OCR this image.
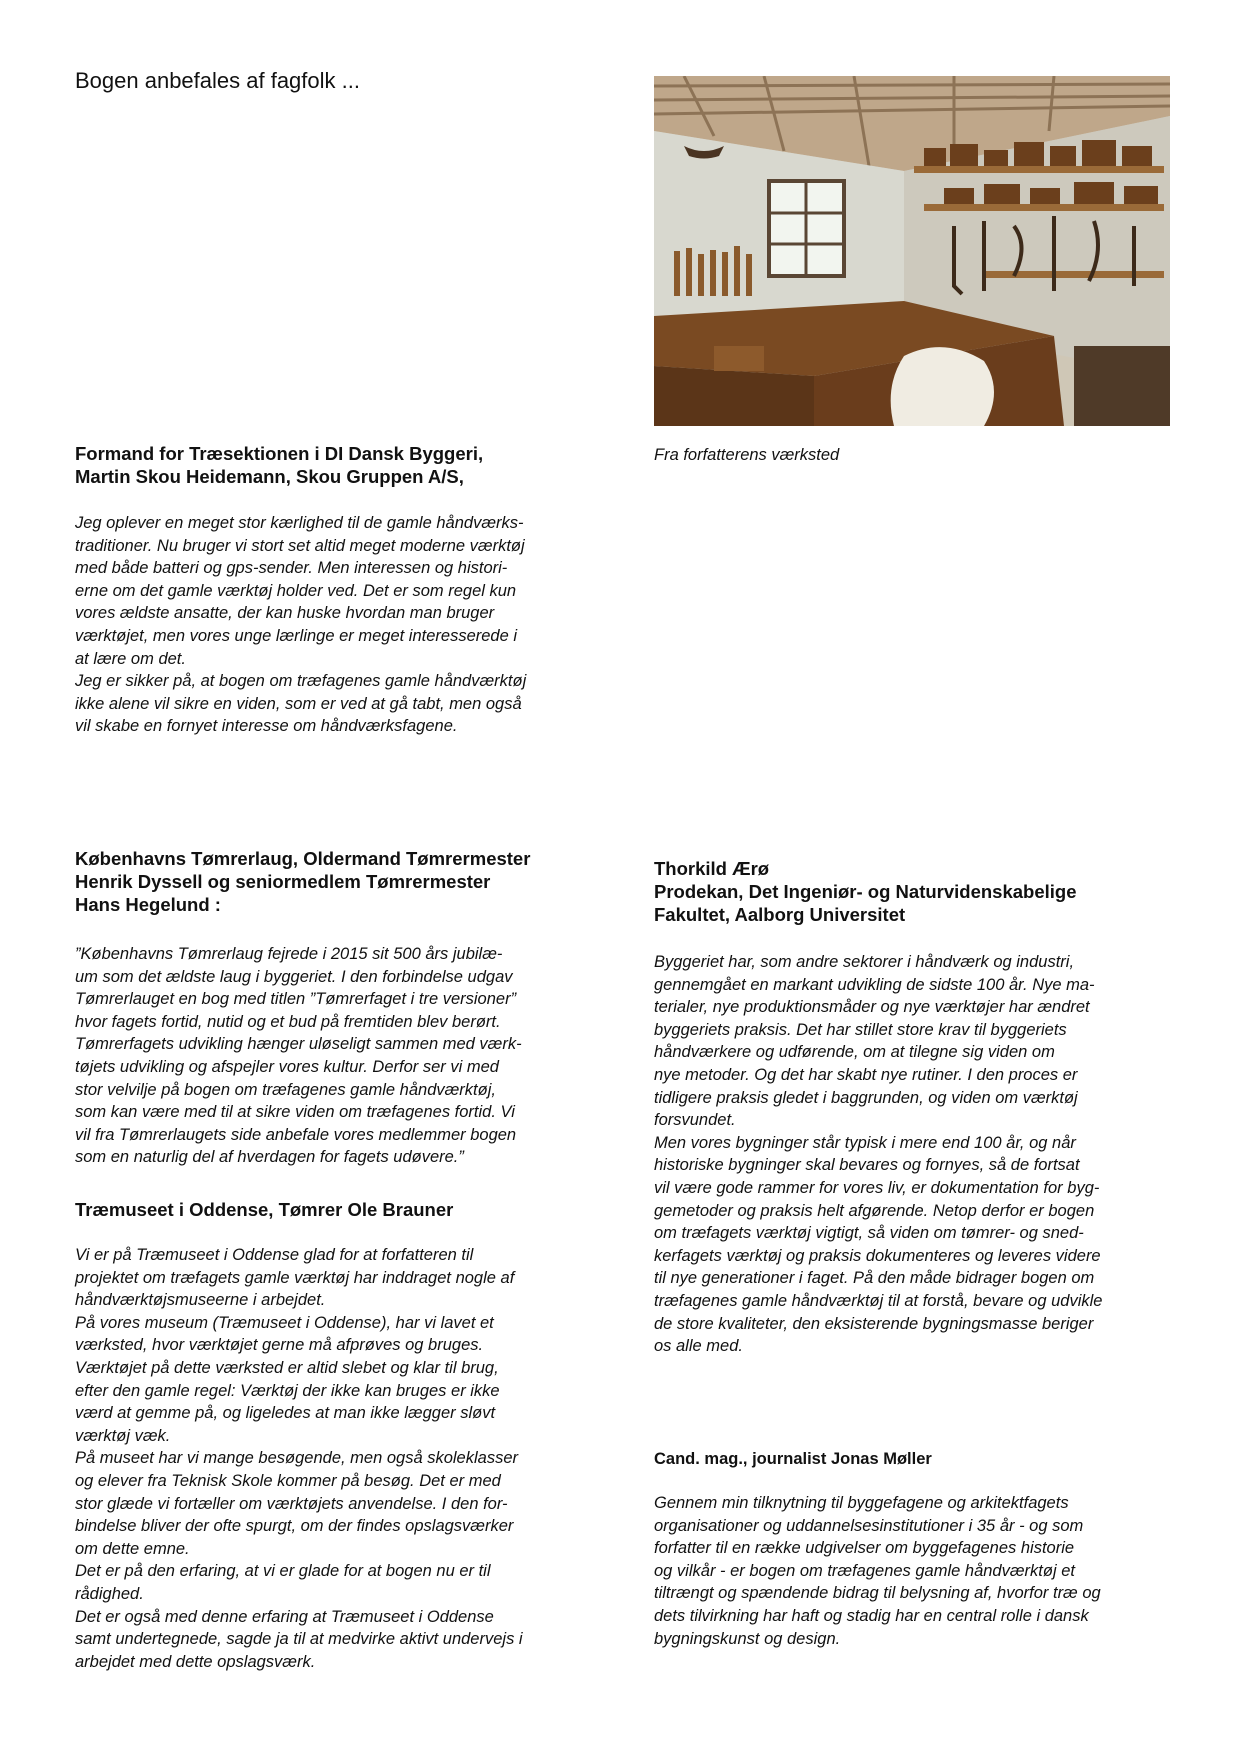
Bogen anbefales af fagfolk ...
Fra forfatterens værksted
Formand for Træsektionen i DI Dansk Byggeri,
Martin Skou Heidemann, Skou Gruppen A/S,
Jeg oplever en meget stor kærlighed til de gamle håndværks-
traditioner. Nu bruger vi stort set altid meget moderne værktøj
med både batteri og gps-sender. Men interessen og histori-
erne om det gamle værktøj holder ved. Det er som regel kun
vores ældste ansatte, der kan huske hvordan man bruger
værktøjet, men vores unge lærlinge er meget interesserede i
at lære om det.
Jeg er sikker på, at bogen om træfagenes gamle håndværktøj
ikke alene vil sikre en viden, som er ved at gå tabt, men også
vil skabe en fornyet interesse om håndværksfagene.
Københavns Tømrerlaug, Oldermand Tømrermester
Henrik Dyssell og seniormedlem Tømrermester
Hans Hegelund :
”Københavns Tømrerlaug fejrede i 2015 sit 500 års jubilæ-
um som det ældste laug i byggeriet. I den forbindelse udgav
Tømrerlauget en bog med titlen ”Tømrerfaget i tre versioner”
hvor fagets fortid, nutid og et bud på fremtiden blev berørt.
Tømrerfagets udvikling hænger uløseligt sammen med værk-
tøjets udvikling og afspejler vores kultur. Derfor ser vi med
stor velvilje på bogen om træfagenes gamle håndværktøj,
som kan være med til at sikre viden om træfagenes fortid. Vi
vil fra Tømrerlaugets side anbefale vores medlemmer bogen
som en naturlig del af hverdagen for fagets udøvere.”
Træmuseet i Oddense, Tømrer Ole Brauner
Vi er på Træmuseet i Oddense glad for at forfatteren til
projektet om træfagets gamle værktøj har inddraget nogle af
håndværktøjsmuseerne i arbejdet.
På vores museum (Træmuseet i Oddense), har vi lavet et
værksted, hvor værktøjet gerne må afprøves og bruges.
Værktøjet på dette værksted er altid slebet og klar til brug,
efter den gamle regel: Værktøj der ikke kan bruges er ikke
værd at gemme på, og ligeledes at man ikke lægger sløvt
værktøj væk.
På museet har vi mange besøgende, men også skoleklasser
og elever fra Teknisk Skole kommer på besøg. Det er med
stor glæde vi fortæller om værktøjets anvendelse. I den for-
bindelse bliver der ofte spurgt, om der findes opslagsværker
om dette emne.
Det er på den erfaring, at vi er glade for at bogen nu er til
rådighed.
Det er også med denne erfaring at Træmuseet i Oddense
samt undertegnede, sagde ja til at medvirke aktivt undervejs i
arbejdet med dette opslagsværk.
Thorkild Ærø
Prodekan, Det Ingeniør- og Naturvidenskabelige
Fakultet, Aalborg Universitet
Byggeriet har, som andre sektorer i håndværk og industri,
gennemgået en markant udvikling de sidste 100 år. Nye ma-
terialer, nye produktionsmåder og nye værktøjer har ændret
byggeriets praksis. Det har stillet store krav til byggeriets
håndværkere og udførende, om at tilegne sig viden om
nye metoder. Og det har skabt nye rutiner. I den proces er
tidligere praksis gledet i baggrunden, og viden om værktøj
forsvundet.
Men vores bygninger står typisk i mere end 100 år, og når
historiske bygninger skal bevares og fornyes, så de fortsat
vil være gode rammer for vores liv, er dokumentation for byg-
gemetoder og praksis helt afgørende. Netop derfor er bogen
om træfagets værktøj vigtigt, så viden om tømrer- og sned-
kerfagets værktøj og praksis dokumenteres og leveres videre
til nye generationer i faget. På den måde bidrager bogen om
træfagenes gamle håndværktøj til at forstå, bevare og udvikle
de store kvaliteter, den eksisterende bygningsmasse beriger
os alle med.
Cand. mag., journalist Jonas Møller
Gennem min tilknytning til byggefagene og arkitektfagets
organisationer og uddannelsesinstitutioner i 35 år - og som
forfatter til en række udgivelser om byggefagenes historie
og vilkår - er bogen om træfagenes gamle håndværktøj et
tiltrængt og spændende bidrag til belysning af, hvorfor træ og
dets tilvirkning har haft og stadig har en central rolle i dansk
bygningskunst og design.
